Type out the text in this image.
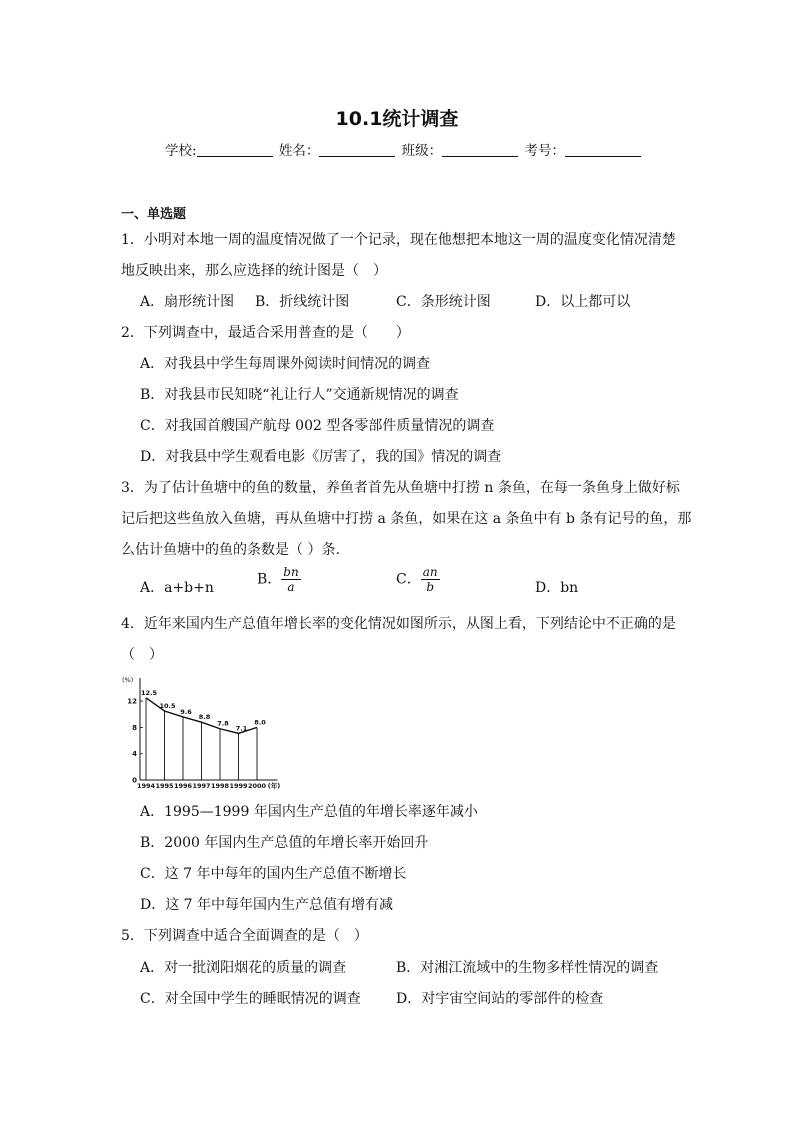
10.1统计调查
学校:	姓名：	班级：	考号：
一、单选题
1．小明对本地一周的温度情况做了一个记录，现在他想把本地这一周的温度变化情况清楚
地反映出来，那么应选择的统计图是（　）
A．扇形统计图 B．折线统计图	C．条形统计图	D．以上都可以
2．下列调查中，最适合采用普查的是（　　）
A．对我县中学生每周课外阅读时间情况的调查
B．对我县市民知晓“礼让行人”交通新规情况的调查
C．对我国首艘国产航母 002 型各零部件质量情况的调查
D．对我县中学生观看电影《厉害了，我的国》情况的调查
3．为了估计鱼塘中的鱼的数量，养鱼者首先从鱼塘中打捞 n 条鱼，在每一条鱼身上做好标
记后把这些鱼放入鱼塘，再从鱼塘中打捞 a 条鱼，如果在这 a 条鱼中有 b 条有记号的鱼，那
么估计鱼塘中的鱼的条数是（ ）条.
A．a+b+n
B． $\frac{bn}{a}$	C． $\frac{an}{b}$	D．bn
4．近年来国内生产总值年增长率的变化情况如图所示，从图上看，下列结论中不正确的是
（　）
(%)
0
4
8
12
1994
12.5
1995
10.5
1996
9.6
1997
8.8
1998
7.8
1999
7.1
2000
8.0
(年)
A．1995—1999 年国内生产总值的年增长率逐年减小
B．2000 年国内生产总值的年增长率开始回升
C．这 7 年中每年的国内生产总值不断增长
D．这 7 年中每年国内生产总值有增有减
5．下列调查中适合全面调查的是（　）
A．对一批浏阳烟花的质量的调查	B．对湘江流域中的生物多样性情况的调查
C．对全国中学生的睡眠情况的调查	D．对宇宙空间站的零部件的检查
